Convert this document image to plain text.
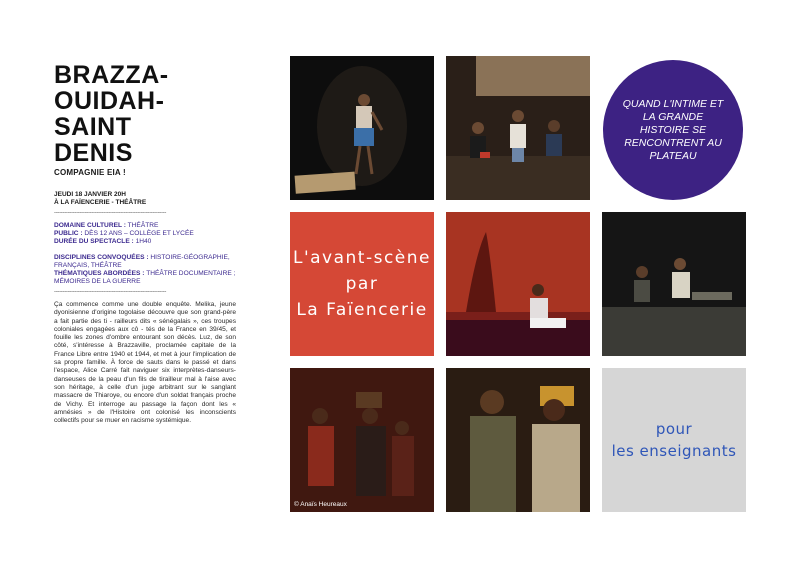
BRAZZA-
OUIDAH-
SAINT
DENIS
COMPAGNIE EIA !
JEUDI 18 JANVIER 20H
À LA FAÏENCERIE - THÉÂTRE
------------------------------------------------------------------
DOMAINE CULTUREL : THÉÂTRE
PUBLIC : DÈS 12 ANS – COLLÈGE ET LYCÉE
DURÉE DU SPECTACLE : 1H40
DISCIPLINES CONVOQUÉES : HISTOIRE-GÉOGRAPHIE, FRANÇAIS, THÉÂTRE
THÉMATIQUES ABORDÉES : THÉÂTRE DOCUMENTAIRE ; MÉMOIRES DE LA GUERRE
------------------------------------------------------------------
Ça commence comme une double enquête. Melika, jeune dyonisienne d'origine togolaise découvre que son grand-père a fait partie des ti - railleurs dits « sénégalais », ces troupes coloniales engagées aux cô - tés de la France en 39/45, et fouille les zones d'ombre entourant son décès. Luz, de son côté, s'intéresse à Brazzaville, proclamée capitale de la France Libre entre 1940 et 1944, et met à jour l'implication de sa propre famille. À force de sauts dans le passé et dans l'espace, Alice Carré fait naviguer six interprètes-danseurs-danseuses de la peau d'un fils de tirailleur mal à l'aise avec son héritage, à celle d'un juge arbitrant sur le sanglant massacre de Thiaroye, ou encore d'un soldat français proche de Vichy. Et interroge au passage la façon dont les « amnésies » de l'Histoire ont colonisé les inconscients collectifs pour se muer en racisme systémique.
QUAND L'INTIME ET LA GRANDE HISTOIRE SE RENCONTRENT AU PLATEAU
L'avant-scène
par
La Faïencerie
© Anaïs Heureaux
pour
les enseignants
